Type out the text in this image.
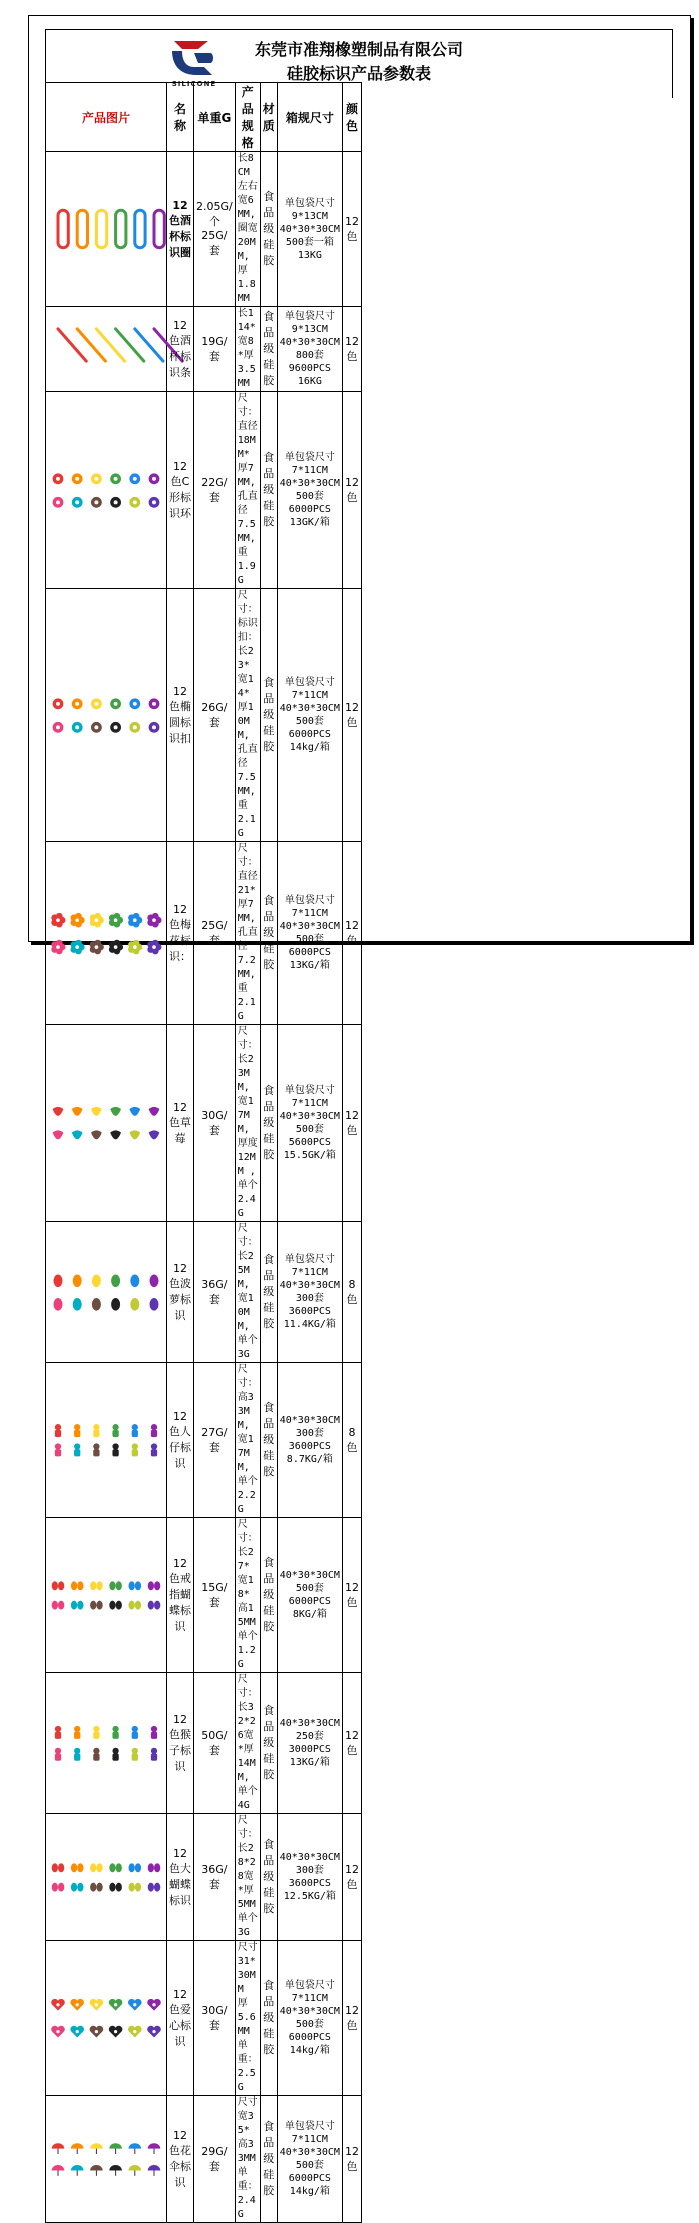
SILICONE
东莞市准翔橡塑制品有限公司
硅胶标识产品参数表
产品图片	名称	单重G	产品规格	材质	箱规尺寸	颜色

	12色酒杯标识圈	2.05G/个 25G/套	长8CM左右 宽6MM,圈宽20MM,厚1.8MM	食品级硅胶	单包袋尺寸9*13CM
40*30*30CM
500套一箱
13KG	12色

	12色酒杯标识条	19G/套	长114*宽8*厚3.5MM	食品级硅胶	单包袋尺寸9*13CM
40*30*30CM
800套9600PCS
16KG	12色

	12色C形标识环	22G/套	尺寸：直径18MM*厚7MM,孔直径7.5MM,重1.9G	食品级硅胶	单包袋尺寸7*11CM
40*30*30CM
500套6000PCS
13GK/箱	12色

	12色椭圆标识扣	26G/套	尺寸：标识扣：长23*宽14*厚10MM,孔直径7.5MM,重2.1G	食品级硅胶	单包袋尺寸7*11CM
40*30*30CM
500套6000PCS
14kg/箱	12色

	12色梅花标识：	25G/套	尺寸：直径21*厚7MM,孔直径7.2MM,重2.1G	食品级硅胶	单包袋尺寸7*11CM
40*30*30CM
500套6000PCS
13KG/箱	12色

	12色草莓	30G/套	尺寸：长23MM,宽17MM,厚度12MM ,单个2.4G	食品级硅胶	单包袋尺寸7*11CM
40*30*30CM
500套5600PCS
15.5GK/箱	12色

	12色波萝标识	36G/套	尺寸：长25MM,宽10MM,单个3G	食品级硅胶	单包袋尺寸7*11CM
40*30*30CM
300套3600PCS
11.4KG/箱	8色

	12色人仔标识	27G/套	尺寸：高33MM,宽17MM,单个2.2G	食品级硅胶	40*30*30CM
300套3600PCS
8.7KG/箱	8色

	12色戒指蝴蝶标识	15G/套	尺寸：长27*宽18*高15MM 单个1.2G	食品级硅胶	40*30*30CM
500套6000PCS
8KG/箱	12色

	12色猴子标识	50G/套	尺寸：长32*26宽*厚14MM,单个4G	食品级硅胶	40*30*30CM
250套3000PCS
13KG/箱	12色

	12色大蝴蝶标识	36G/套	尺寸：长28*28宽*厚5MM 单个3G	食品级硅胶	40*30*30CM
300套3600PCS
12.5KG/箱	12色

	12色爱心标识	30G/套	尺寸31*30MM 厚5.6MM 单重：2.5G	食品级硅胶	单包袋尺寸7*11CM
40*30*30CM
500套6000PCS
14kg/箱	12色

	12色花伞标识	29G/套	尺寸 宽35*高33MM 单重：2.4G	食品级硅胶	单包袋尺寸7*11CM
40*30*30CM
500套6000PCS
14kg/箱	12色
